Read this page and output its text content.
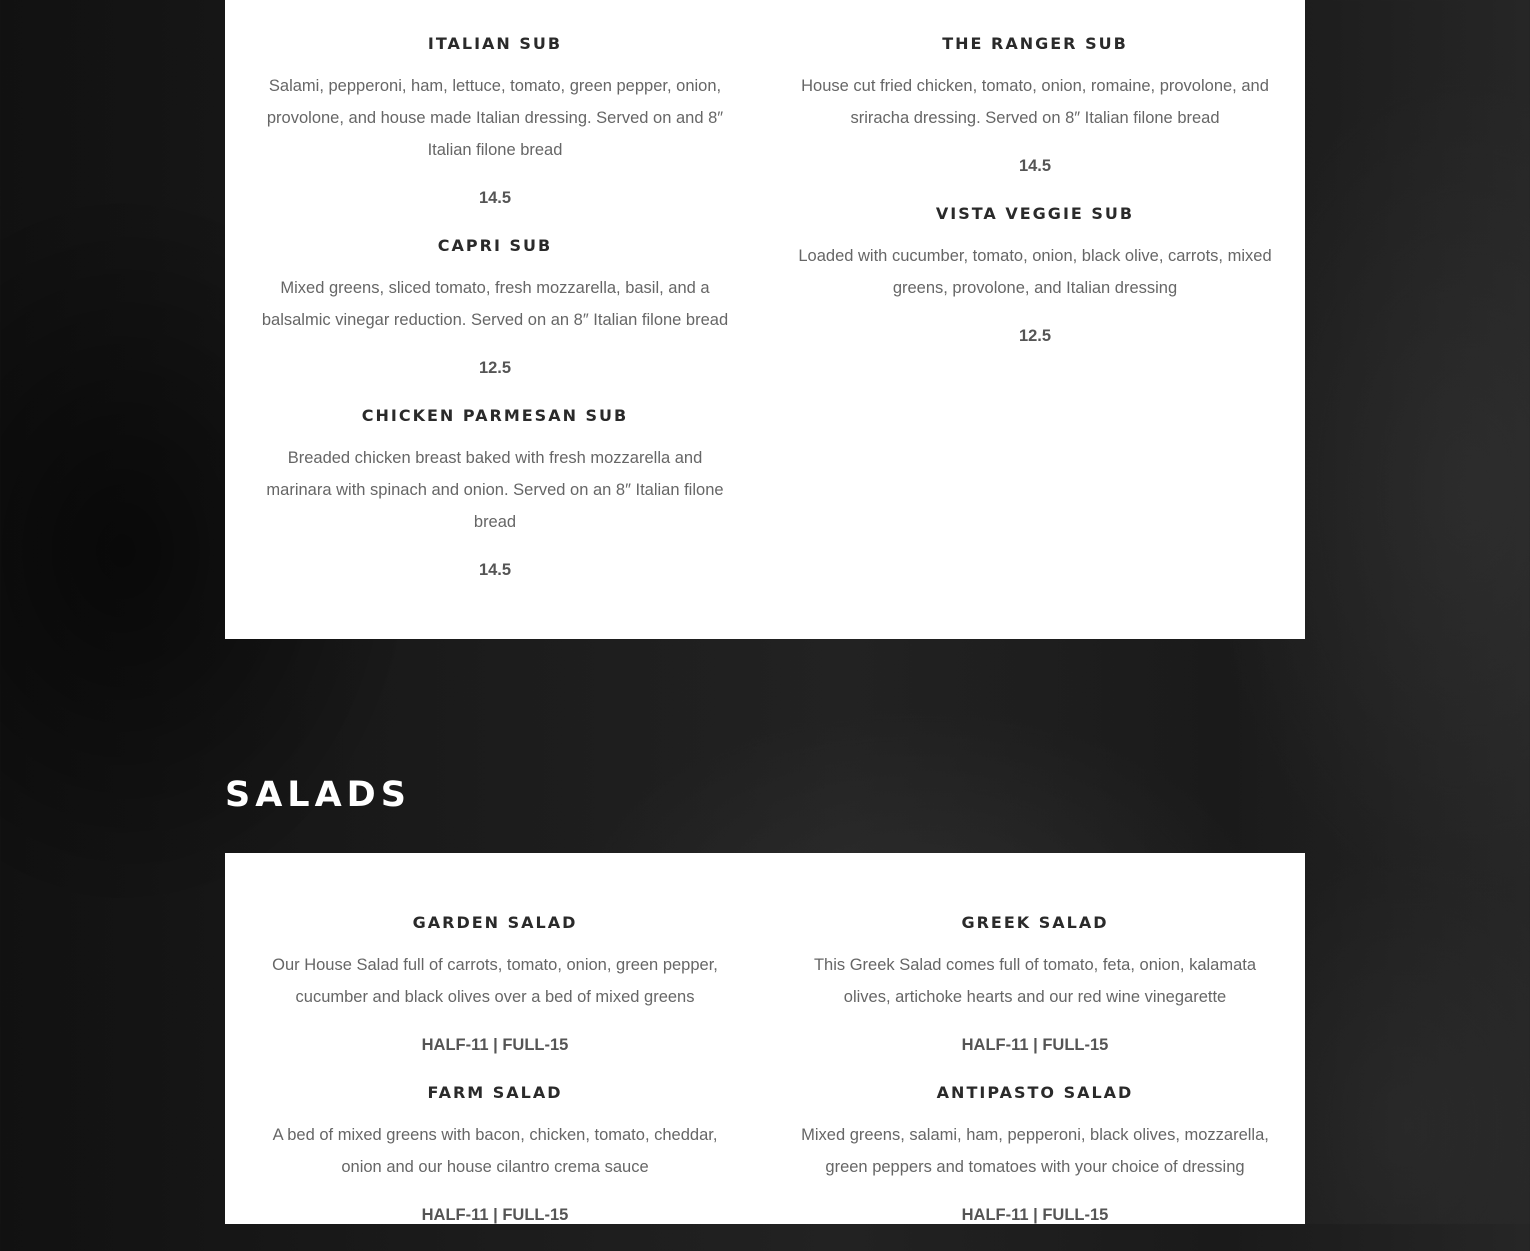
ITALIAN SUB

Salami, pepperoni, ham, lettuce, tomato, green pepper, onion, provolone, and house made Italian dressing. Served on and 8″ Italian filone bread

14.5
CAPRI SUB

Mixed greens, sliced tomato, fresh mozzarella, basil, and a balsalmic vinegar reduction. Served on an 8″ Italian filone bread

12.5
CHICKEN PARMESAN SUB

Breaded chicken breast baked with fresh mozzarella and marinara with spinach and onion. Served on an 8″ Italian filone bread

14.5
THE RANGER SUB

House cut fried chicken, tomato, onion, romaine, provolone, and sriracha dressing. Served on 8″ Italian filone bread

14.5
VISTA VEGGIE SUB

Loaded with cucumber, tomato, onion, black olive, carrots, mixed greens, provolone, and Italian dressing

12.5
SALADS
GARDEN SALAD

Our House Salad full of carrots, tomato, onion, green pepper, cucumber and black olives over a bed of mixed greens

HALF-11 | FULL-15
FARM SALAD

A bed of mixed greens with bacon, chicken, tomato, cheddar, onion and our house cilantro crema sauce

HALF-11 | FULL-15
GREEK SALAD

This Greek Salad comes full of tomato, feta, onion, kalamata olives, artichoke hearts and our red wine vinegarette

HALF-11 | FULL-15
ANTIPASTO SALAD

Mixed greens, salami, ham, pepperoni, black olives, mozzarella, green peppers and tomatoes with your choice of dressing

HALF-11 | FULL-15
